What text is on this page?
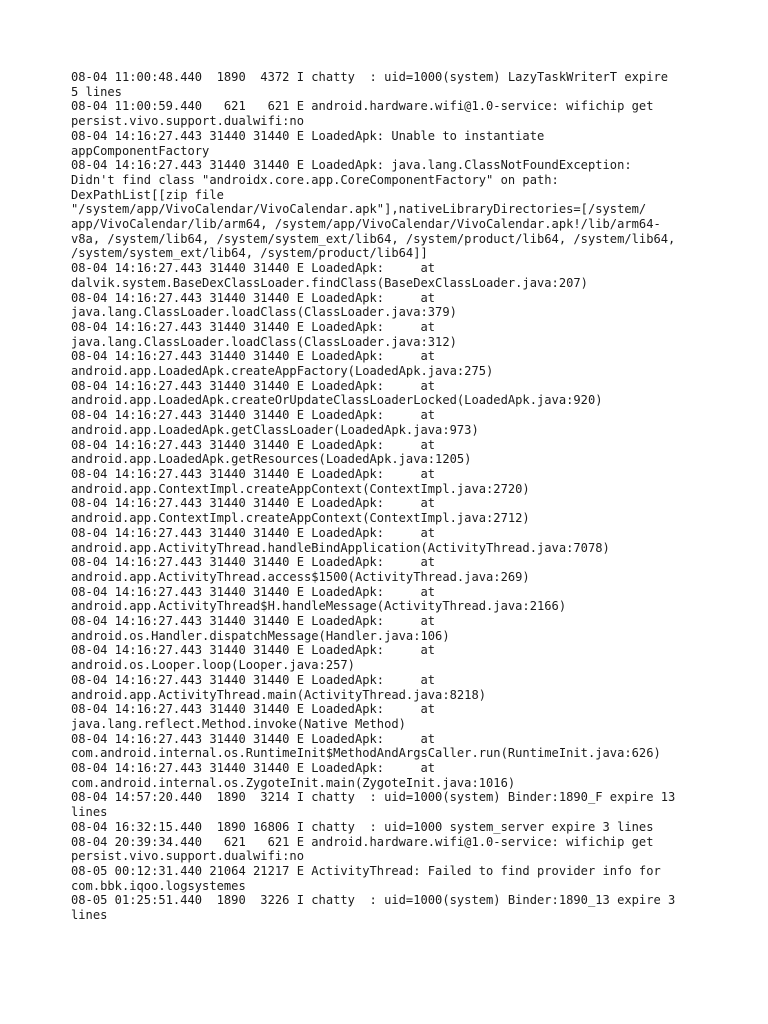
08-04 11:00:48.440  1890  4372 I chatty  : uid=1000(system) LazyTaskWriterT expire
5 lines
08-04 11:00:59.440   621   621 E android.hardware.wifi@1.0-service: wifichip get
persist.vivo.support.dualwifi:no
08-04 14:16:27.443 31440 31440 E LoadedApk: Unable to instantiate
appComponentFactory
08-04 14:16:27.443 31440 31440 E LoadedApk: java.lang.ClassNotFoundException:
Didn't find class "androidx.core.app.CoreComponentFactory" on path:
DexPathList[[zip file
"/system/app/VivoCalendar/VivoCalendar.apk"],nativeLibraryDirectories=[/system/
app/VivoCalendar/lib/arm64, /system/app/VivoCalendar/VivoCalendar.apk!/lib/arm64-
v8a, /system/lib64, /system/system_ext/lib64, /system/product/lib64, /system/lib64,
/system/system_ext/lib64, /system/product/lib64]]
08-04 14:16:27.443 31440 31440 E LoadedApk:     at
dalvik.system.BaseDexClassLoader.findClass(BaseDexClassLoader.java:207)
08-04 14:16:27.443 31440 31440 E LoadedApk:     at
java.lang.ClassLoader.loadClass(ClassLoader.java:379)
08-04 14:16:27.443 31440 31440 E LoadedApk:     at
java.lang.ClassLoader.loadClass(ClassLoader.java:312)
08-04 14:16:27.443 31440 31440 E LoadedApk:     at
android.app.LoadedApk.createAppFactory(LoadedApk.java:275)
08-04 14:16:27.443 31440 31440 E LoadedApk:     at
android.app.LoadedApk.createOrUpdateClassLoaderLocked(LoadedApk.java:920)
08-04 14:16:27.443 31440 31440 E LoadedApk:     at
android.app.LoadedApk.getClassLoader(LoadedApk.java:973)
08-04 14:16:27.443 31440 31440 E LoadedApk:     at
android.app.LoadedApk.getResources(LoadedApk.java:1205)
08-04 14:16:27.443 31440 31440 E LoadedApk:     at
android.app.ContextImpl.createAppContext(ContextImpl.java:2720)
08-04 14:16:27.443 31440 31440 E LoadedApk:     at
android.app.ContextImpl.createAppContext(ContextImpl.java:2712)
08-04 14:16:27.443 31440 31440 E LoadedApk:     at
android.app.ActivityThread.handleBindApplication(ActivityThread.java:7078)
08-04 14:16:27.443 31440 31440 E LoadedApk:     at
android.app.ActivityThread.access$1500(ActivityThread.java:269)
08-04 14:16:27.443 31440 31440 E LoadedApk:     at
android.app.ActivityThread$H.handleMessage(ActivityThread.java:2166)
08-04 14:16:27.443 31440 31440 E LoadedApk:     at
android.os.Handler.dispatchMessage(Handler.java:106)
08-04 14:16:27.443 31440 31440 E LoadedApk:     at
android.os.Looper.loop(Looper.java:257)
08-04 14:16:27.443 31440 31440 E LoadedApk:     at
android.app.ActivityThread.main(ActivityThread.java:8218)
08-04 14:16:27.443 31440 31440 E LoadedApk:     at
java.lang.reflect.Method.invoke(Native Method)
08-04 14:16:27.443 31440 31440 E LoadedApk:     at
com.android.internal.os.RuntimeInit$MethodAndArgsCaller.run(RuntimeInit.java:626)
08-04 14:16:27.443 31440 31440 E LoadedApk:     at
com.android.internal.os.ZygoteInit.main(ZygoteInit.java:1016)
08-04 14:57:20.440  1890  3214 I chatty  : uid=1000(system) Binder:1890_F expire 13
lines
08-04 16:32:15.440  1890 16806 I chatty  : uid=1000 system_server expire 3 lines
08-04 20:39:34.440   621   621 E android.hardware.wifi@1.0-service: wifichip get
persist.vivo.support.dualwifi:no
08-05 00:12:31.440 21064 21217 E ActivityThread: Failed to find provider info for
com.bbk.iqoo.logsystemes
08-05 01:25:51.440  1890  3226 I chatty  : uid=1000(system) Binder:1890_13 expire 3
lines
